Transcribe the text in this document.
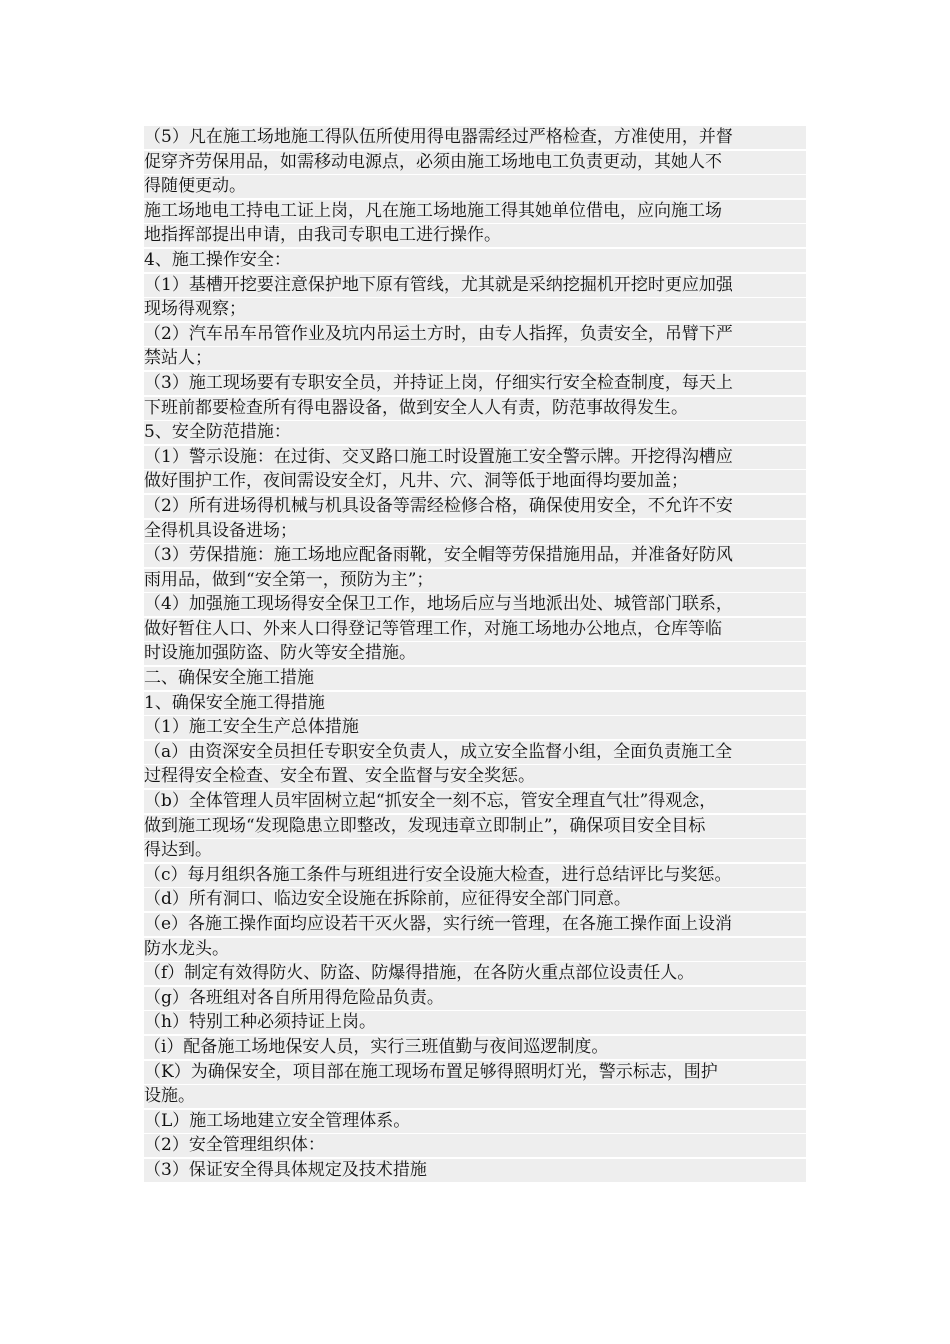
（5）凡在施工场地施工得队伍所使用得电器需经过严格检查，方准使用，并督
促穿齐劳保用品，如需移动电源点，必须由施工场地电工负责更动，其她人不
得随便更动。
施工场地电工持电工证上岗，凡在施工场地施工得其她单位借电，应向施工场
地指挥部提出申请，由我司专职电工进行操作。
4、施工操作安全：
（1）基槽开挖要注意保护地下原有管线，尤其就是采纳挖掘机开挖时更应加强
现场得观察；
（2）汽车吊车吊管作业及坑内吊运土方时，由专人指挥，负责安全，吊臂下严
禁站人；
（3）施工现场要有专职安全员，并持证上岗，仔细实行安全检查制度，每天上
下班前都要检查所有得电器设备，做到安全人人有责，防范事故得发生。
5、安全防范措施：
（1）警示设施：在过街、交叉路口施工时设置施工安全警示牌。开挖得沟槽应
做好围护工作，夜间需设安全灯，凡井、穴、洞等低于地面得均要加盖；
（2）所有进场得机械与机具设备等需经检修合格，确保使用安全，不允许不安
全得机具设备进场；
（3）劳保措施：施工场地应配备雨靴，安全帽等劳保措施用品，并准备好防风
雨用品，做到“安全第一，预防为主”；
（4）加强施工现场得安全保卫工作，地场后应与当地派出处、城管部门联系，
做好暂住人口、外来人口得登记等管理工作，对施工场地办公地点，仓库等临
时设施加强防盗、防火等安全措施。
二、确保安全施工措施
1、确保安全施工得措施
（1）施工安全生产总体措施
（a）由资深安全员担任专职安全负责人，成立安全监督小组，全面负责施工全
过程得安全检查、安全布置、安全监督与安全奖惩。
（b）全体管理人员牢固树立起“抓安全一刻不忘，管安全理直气壮”得观念，
做到施工现场“发现隐患立即整改，发现违章立即制止”，确保项目安全目标
得达到。
（c）每月组织各施工条件与班组进行安全设施大检查，进行总结评比与奖惩。
（d）所有洞口、临边安全设施在拆除前，应征得安全部门同意。
（e）各施工操作面均应设若干灭火器，实行统一管理，在各施工操作面上设消
防水龙头。
（f）制定有效得防火、防盗、防爆得措施，在各防火重点部位设责任人。
（g）各班组对各自所用得危险品负责。
（h）特别工种必须持证上岗。
（i）配备施工场地保安人员，实行三班值勤与夜间巡逻制度。
（K）为确保安全，项目部在施工现场布置足够得照明灯光，警示标志，围护
设施。
（L）施工场地建立安全管理体系。
（2）安全管理组织体：
（3）保证安全得具体规定及技术措施
